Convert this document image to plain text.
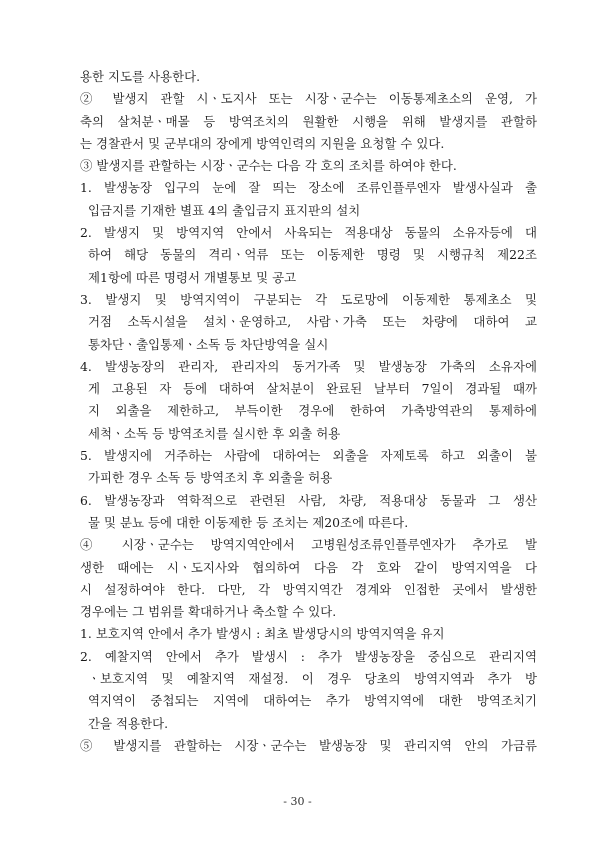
용한 지도를 사용한다.
② 발생지 관할 시ㆍ도지사 또는 시장ㆍ군수는 이동통제초소의 운영, 가
축의 살처분ㆍ매몰 등 방역조치의 원활한 시행을 위해 발생지를 관할하
는 경찰관서 및 군부대의 장에게 방역인력의 지원을 요청할 수 있다.
③ 발생지를 관할하는 시장ㆍ군수는 다음 각 호의 조치를 하여야 한다.
1. 발생농장 입구의 눈에 잘 띄는 장소에 조류인플루엔자 발생사실과 출
입금지를 기재한 별표 4의 출입금지 표지판의 설치
2. 발생지 및 방역지역 안에서 사육되는 적용대상 동물의 소유자등에 대
하여 해당 동물의 격리ㆍ억류 또는 이동제한 명령 및 시행규칙 제22조
제1항에 따른 명령서 개별통보 및 공고
3. 발생지 및 방역지역이 구분되는 각 도로망에 이동제한 통제초소 및
거점 소독시설을 설치ㆍ운영하고, 사람ㆍ가축 또는 차량에 대하여 교
통차단ㆍ출입통제ㆍ소독 등 차단방역을 실시
4. 발생농장의 관리자, 관리자의 동거가족 및 발생농장 가축의 소유자에
게 고용된 자 등에 대하여 살처분이 완료된 날부터 7일이 경과될 때까
지 외출을 제한하고, 부득이한 경우에 한하여 가축방역관의 통제하에
세척ㆍ소독 등 방역조치를 실시한 후 외출 허용
5. 발생지에 거주하는 사람에 대하여는 외출을 자제토록 하고 외출이 불
가피한 경우 소독 등 방역조치 후 외출을 허용
6. 발생농장과 역학적으로 관련된 사람, 차량, 적용대상 동물과 그 생산
물 및 분뇨 등에 대한 이동제한 등 조치는 제20조에 따른다.
④ 시장ㆍ군수는 방역지역안에서 고병원성조류인플루엔자가 추가로 발
생한 때에는 시ㆍ도지사와 협의하여 다음 각 호와 같이 방역지역을 다
시 설정하여야 한다. 다만, 각 방역지역간 경계와 인접한 곳에서 발생한
경우에는 그 범위를 확대하거나 축소할 수 있다.
1. 보호지역 안에서 추가 발생시 : 최초 발생당시의 방역지역을 유지
2. 예찰지역 안에서 추가 발생시 : 추가 발생농장을 중심으로 관리지역
ㆍ보호지역 및 예찰지역 재설정. 이 경우 당초의 방역지역과 추가 방
역지역이 중첩되는 지역에 대하여는 추가 방역지역에 대한 방역조치기
간을 적용한다.
⑤ 발생지를 관할하는 시장ㆍ군수는 발생농장 및 관리지역 안의 가금류
- 30 -
